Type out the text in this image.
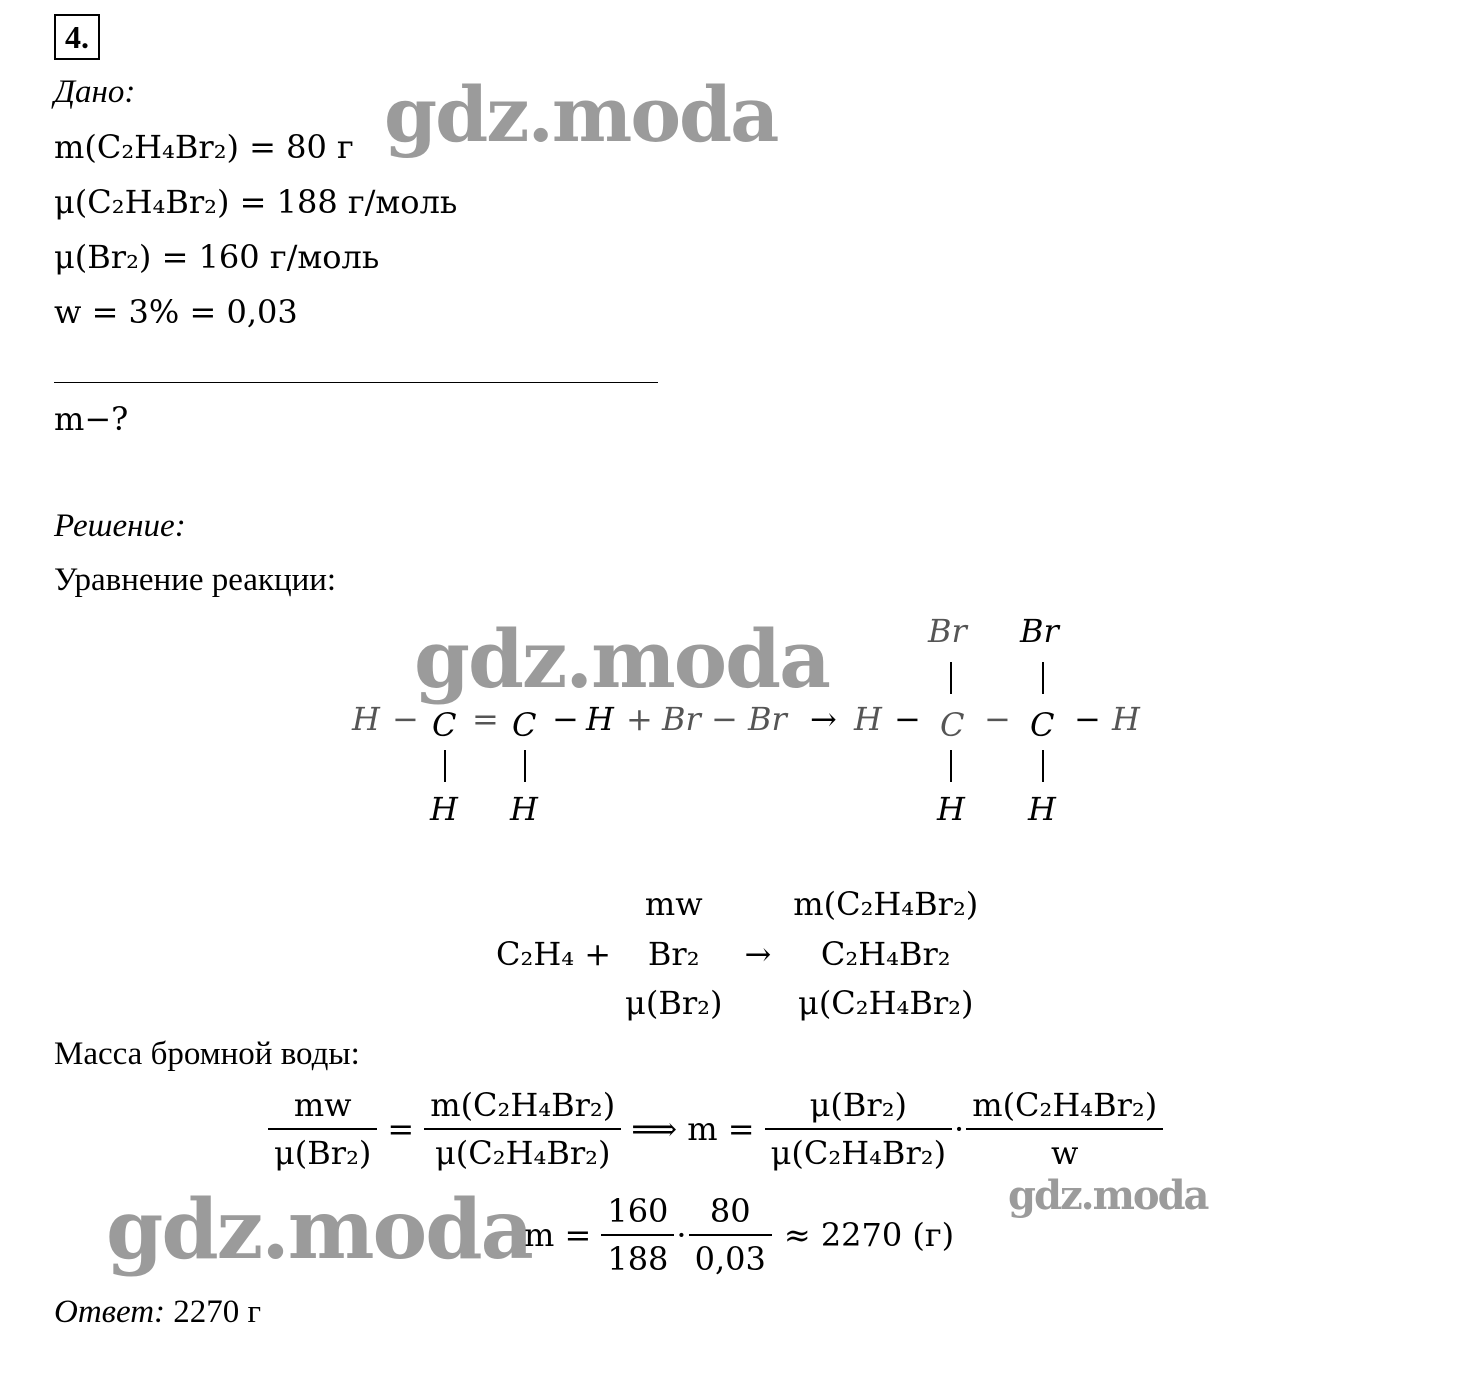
4.
Дано:
m(C₂H₄Br₂) = 80 г
μ(C₂H₄Br₂) = 188 г/моль
μ(Br₂) = 160 г/моль
w = 3% = 0,03
m−?
Решение:
Уравнение реакции:
H − C = C − H + Br − Br → H − C − C − H
Br Br
H H	H H
C₂H₄ +
mw
Br₂
μ(Br₂)
→
m(C₂H₄Br₂)
C₂H₄Br₂
μ(C₂H₄Br₂)
Масса бромной воды:
$\frac{mw}{\text{μ(Br₂)}} = \frac{\text{m(C₂H₄Br₂)}}{\text{μ(C₂H₄Br₂)}}$ ⟹ $m = \frac{\text{μ(Br₂)}}{\text{μ(C₂H₄Br₂)}} \cdot \frac{\text{m(C₂H₄Br₂)}}{w}$
$m = \frac{160}{188} \cdot \frac{80}{0,03} \approx 2270$ (г)
Ответ: 2270 г
gdz.moda
gdz.moda
gdz.moda	gdz.moda
